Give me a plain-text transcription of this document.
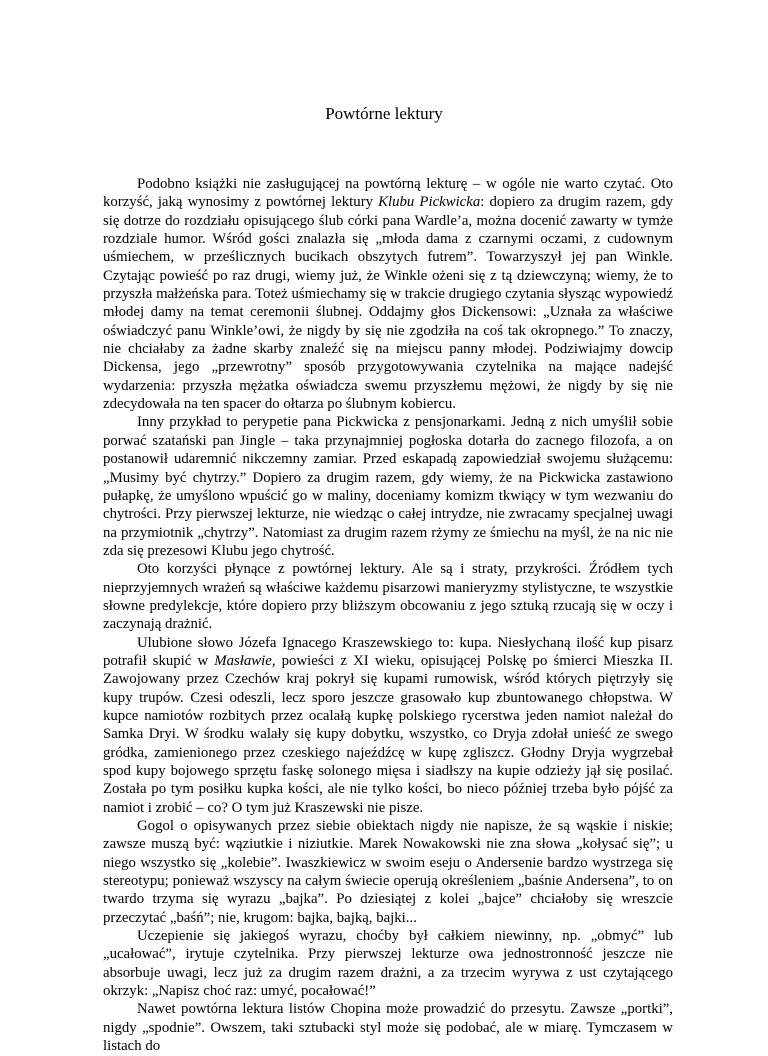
Powtórne lektury

Podobno książki nie zasługującej na powtórną lekturę – w ogóle nie warto czytać. Oto korzyść, jaką wynosimy z powtórnej lektury Klubu Pickwicka: dopiero za drugim razem, gdy się dotrze do rozdziału opisującego ślub córki pana Wardle’a, można docenić zawarty w tymże rozdziale humor. Wśród gości znalazła się „młoda dama z czarnymi oczami, z cudownym uśmiechem, w prześlicznych bucikach obszytych futrem”. Towarzyszył jej pan Winkle. Czytając powieść po raz drugi, wiemy już, że Winkle ożeni się z tą dziewczyną; wiemy, że to przyszła małżeńska para. Toteż uśmiechamy się w trakcie drugiego czytania słysząc wypowiedź młodej damy na temat ceremonii ślubnej. Oddajmy głos Dickensowi: „Uznała za właściwe oświadczyć panu Winkle’owi, że nigdy by się nie zgodziła na coś tak okropnego.” To znaczy, nie chciałaby za żadne skarby znaleźć się na miejscu panny młodej. Podziwiajmy dowcip Dickensa, jego „przewrotny” sposób przygotowywania czytelnika na mające nadejść wydarzenia: przyszła mężatka oświadcza swemu przyszłemu mężowi, że nigdy by się nie zdecydowała na ten spacer do ołtarza po ślubnym kobiercu.

Inny przykład to perypetie pana Pickwicka z pensjonarkami. Jedną z nich umyślił sobie porwać szatański pan Jingle – taka przynajmniej pogłoska dotarła do zacnego filozofa, a on postanowił udaremnić nikczemny zamiar. Przed eskapadą zapowiedział swojemu służącemu: „Musimy być chytrzy.” Dopiero za drugim razem, gdy wiemy, że na Pickwicka zastawiono pułapkę, że umyślono wpuścić go w maliny, doceniamy komizm tkwiący w tym wezwaniu do chytrości. Przy pierwszej lekturze, nie wiedząc o całej intrydze, nie zwracamy specjalnej uwagi na przymiotnik „chytrzy”. Natomiast za drugim razem rżymy ze śmiechu na myśl, że na nic nie zda się prezesowi Klubu jego chytrość.

Oto korzyści płynące z powtórnej lektury. Ale są i straty, przykrości. Źródłem tych nieprzyjemnych wrażeń są właściwe każdemu pisarzowi manieryzmy stylistyczne, te wszystkie słowne predylekcje, które dopiero przy bliższym obcowaniu z jego sztuką rzucają się w oczy i zaczynają drażnić.

Ulubione słowo Józefa Ignacego Kraszewskiego to: kupa. Niesłychaną ilość kup pisarz potrafił skupić w Masławie, powieści z XI wieku, opisującej Polskę po śmierci Mieszka II. Zawojowany przez Czechów kraj pokrył się kupami rumowisk, wśród których piętrzyły się kupy trupów. Czesi odeszli, lecz sporo jeszcze grasowało kup zbuntowanego chłopstwa. W kupce namiotów rozbitych przez ocalałą kupkę polskiego rycerstwa jeden namiot należał do Samka Dryi. W środku walały się kupy dobytku, wszystko, co Dryja zdołał unieść ze swego gródka, zamienionego przez czeskiego najeźdźcę w kupę zgliszcz. Głodny Dryja wygrzebał spod kupy bojowego sprzętu faskę solonego mięsa i siadłszy na kupie odzieży jął się posilać. Została po tym posiłku kupka kości, ale nie tylko kości, bo nieco później trzeba było pójść za namiot i zrobić – co? O tym już Kraszewski nie pisze.

Gogol o opisywanych przez siebie obiektach nigdy nie napisze, że są wąskie i niskie; zawsze muszą być: wąziutkie i niziutkie. Marek Nowakowski nie zna słowa „kołysać się”; u niego wszystko się „kolebie”. Iwaszkiewicz w swoim eseju o Andersenie bardzo wystrzega się stereotypu; ponieważ wszyscy na całym świecie operują określeniem „baśnie Andersena”, to on twardo trzyma się wyrazu „bajka”. Po dziesiątej z kolei „bajce” chciałoby się wreszcie przeczytać „baśń”; nie, krugom: bajka, bajką, bajki...

Uczepienie się jakiegoś wyrazu, choćby był całkiem niewinny, np. „obmyć” lub „ucałować”, irytuje czytelnika. Przy pierwszej lekturze owa jednostronność jeszcze nie absorbuje uwagi, lecz już za drugim razem drażni, a za trzecim wyrywa z ust czytającego okrzyk: „Napisz choć raz: umyć, pocałować!”

Nawet powtórna lektura listów Chopina może prowadzić do przesytu. Zawsze „portki”, nigdy „spodnie”. Owszem, taki sztubacki styl może się podobać, ale w miarę. Tymczasem w listach do
